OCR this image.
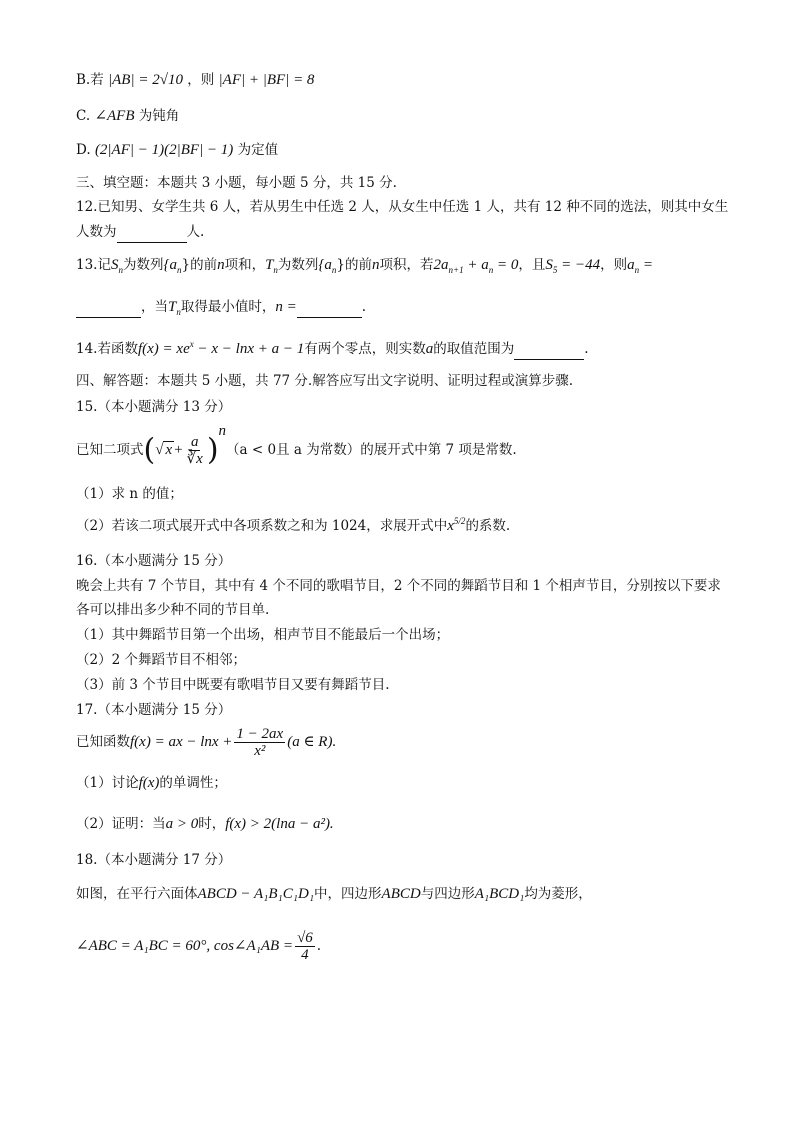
B.若 |AB| = 2√10 ，则 |AF| + |BF| = 8
C. ∠AFB 为钝角
D. (2|AF| − 1)(2|BF| − 1) 为定值
三、填空题：本题共 3 小题，每小题 5 分，共 15 分.
12.已知男、女学生共 6 人，若从男生中任选 2 人，从女生中任选 1 人，共有 12 种不同的选法，则其中女生
人数为	人.
13.记$S_n$为数列$\{a_n\}$的前n项和，$T_n$为数列$\{a_n\}$的前n项积，若$2a_{n+1} + a_n = 0$，且$S_5 = -44$，则$a_n$ =
，当$T_n$取得最小值时，n =	.
14.若函数$f(x) = xe^x - x - \ln x + a - 1$有两个零点，则实数a的取值范围为	.
四、解答题：本题共 5 小题，共 77 分.解答应写出文字说明、证明过程或演算步骤.
15.（本小题满分 13 分）
已知二项式(√ $x + \frac{a}{∛x} )^n(a < 0$且 a 为常数）的展开式中第 7 项是常数.
（1）求 n 的值；
（2）若该二项式展开式中各项系数之和为 1024，求展开式中$x^{5/2}$的系数.
16.（本小题满分 15 分）
晚会上共有 7 个节目，其中有 4 个不同的歌唱节目，2 个不同的舞蹈节目和 1 个相声节目，分别按以下要求
各可以排出多少种不同的节目单.
（1）其中舞蹈节目第一个出场，相声节目不能最后一个出场；
（2）2 个舞蹈节目不相邻；
（3）前 3 个节目中既要有歌唱节目又要有舞蹈节目.
17.（本小题满分 15 分）
已知函数f(x) = ax − $\ln x + \frac{1 - 2ax}{\text{x²}} (a$ ∈ R).
（1）讨论f(x)的单调性；
（2）证明：当a > 0时，f(x) > 2(lna − a²).
18.（本小题满分 17 分）
如图，在平行六面体ABCD − A₁B₁C₁D₁中，四边形ABCD与四边形A₁BCD₁均为菱形，
∠ABC = A₁BC = 60°, cos∠A₁AB = $\frac{√6}{4}$ .
